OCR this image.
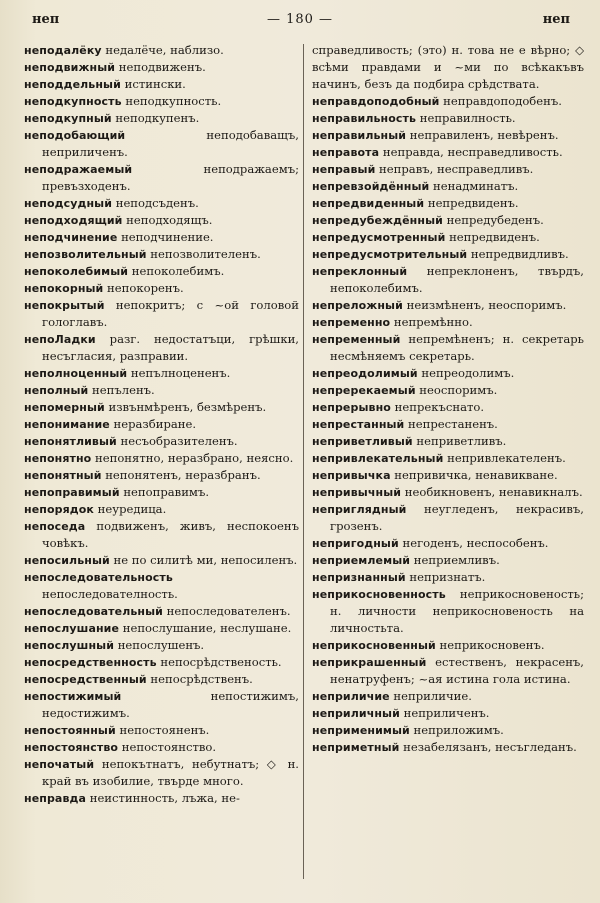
неп	— 180 —	неп

неподалёку недалёче, наблизо.

неподвижный неподвиженъ.

неподдельный истински.

неподкупность неподкупность.

неподкупный неподкупенъ.

неподобающий неподобаващъ, неприличенъ.

неподражаемый неподражаемъ; превъзходенъ.

неподсудный неподсъденъ.

неподходящий неподходящъ.

неподчинение неподчинение.

непозволительный непозволителенъ.

непоколебимый непоколебимъ.

непокорный непокоренъ.

непокрытый непокритъ; с ~ой головой гологлавъ.

непоЛадки разг. недостатъци, грѣшки, несъгласия, разправии.

неполноценный непълноцененъ.

неполный непъленъ.

непомерный извънмѣренъ, безмѣренъ.

непонимание неразбиране.

непонятливый несъобразителенъ.

непонятно непонятно, неразбрано, неясно.

непонятный непонятенъ, неразбранъ.

непоправимый непоправимъ.

непорядок неуредица.

непоседа подвиженъ, живъ, неспокоенъ човѣкъ.

непосильный не по силитѣ ми, непосиленъ.

непоследовательность непоследователность.

непоследовательный непоследователенъ.

непослушание непослушание, неслушане.

непослушный непослушенъ.

непосредственность непосрѣдственость.

непосредственный непосрѣдственъ.

непостижимый непостижимъ, недостижимъ.

непостоянный непостояненъ.

непостоянство непостоянство.

непочатый непокътнатъ, небутнатъ; ◇ н. край въ изобилие, твърде много.

неправда неистинность, лъжа, не-

справедливость; (это) н. това не е вѣрно; ◇ всѣми правдами и ~ми по всѣкакъвъ начинъ, безъ да подбира срѣдствата.

неправдоподобный неправдоподобенъ.

неправильность неправилность.

неправильный неправиленъ, невѣренъ.

неправота неправда, несправедливость.

неправый неправъ, несправедливъ.

непревзойдённый ненадминатъ.

непредвиденный непредвиденъ.

непредубеждённый непредубеденъ.

непредусмотренный непредвиденъ.

непредусмотрительный непредвидливъ.

непреклонный непреклоненъ, твърдъ, непоколебимъ.

непреложный неизмѣненъ, неоспоримъ.

непременно непремѣнно.

непременный непремѣненъ; н. секретарь несмѣняемъ секретарь.

непреодолимый непреодолимъ.

непререкаемый неоспоримъ.

непрерывно непрекъснато.

непрестанный непрестаненъ.

неприветливый неприветливъ.

непривлекательный непривлекателенъ.

непривычка непривичка, ненавикване.

непривычный необикновенъ, ненавикналъ.

неприглядный неугледенъ, некрасивъ, грозенъ.

непригодный негоденъ, неспособенъ.

неприемлемый неприемливъ.

непризнанный непризнатъ.

неприкосновенность неприкосновеность; н. личности неприкосновеность на личностьта.

неприкосновенный неприкосновенъ.

неприкрашенный естественъ, некрасенъ, ненатруфенъ; ~ая истина гола истина.

неприличие неприличие.

неприличный неприличенъ.

неприменимый неприложимъ.

неприметный незабелязанъ, несъгледанъ.
